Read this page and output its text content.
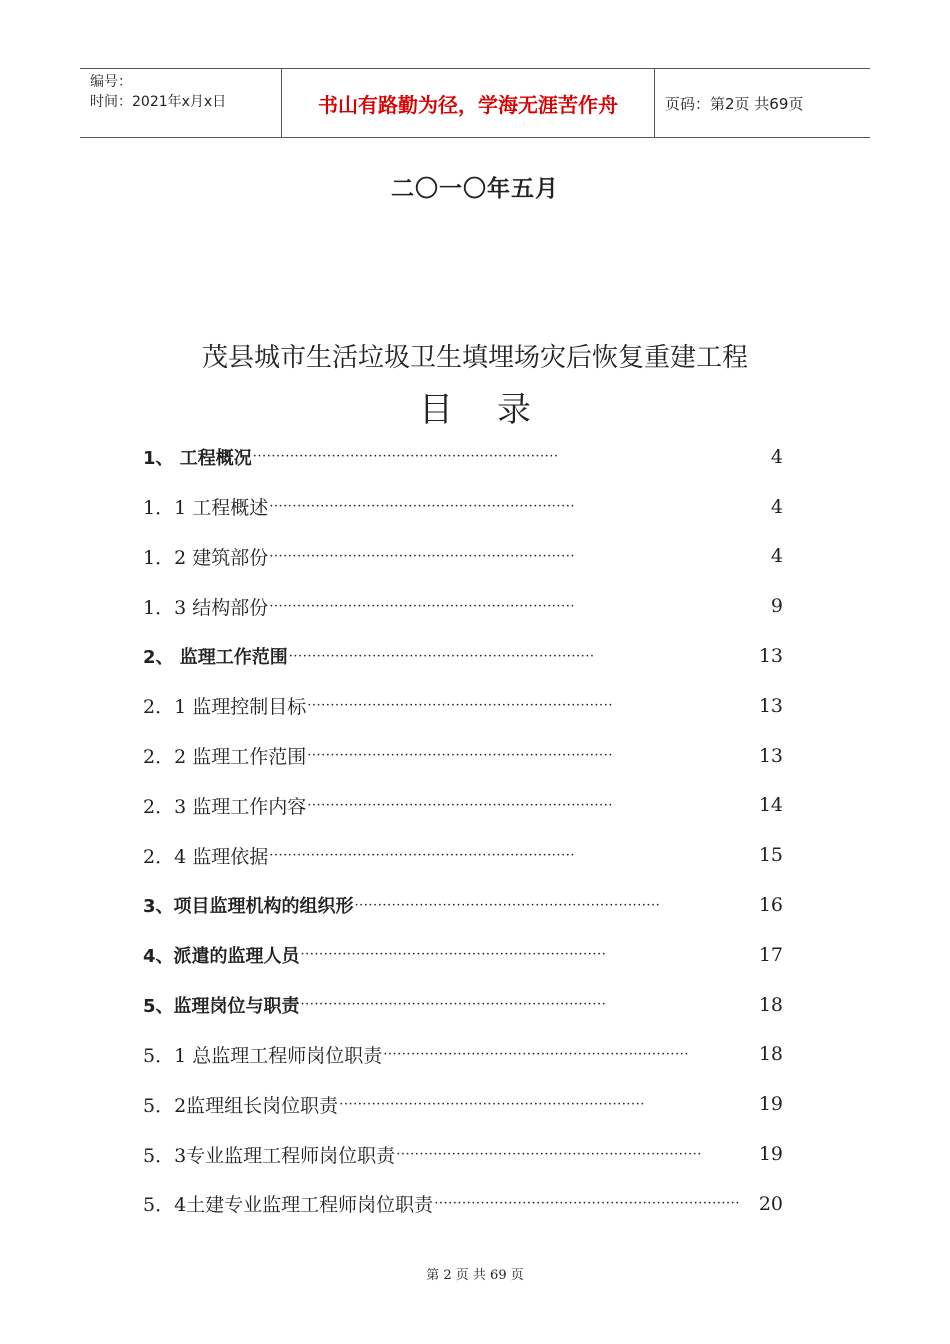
编号：
时间：2021年x月x日	书山有路勤为径，学海无涯苦作舟	页码：第2页 共69页
二〇一〇年五月
茂县城市生活垃圾卫生填埋场灾后恢复重建工程
目录
1、 工程概况 ··································································	4
1．1 工程概述 ··································································	4
1．2 建筑部份 ··································································	4
1．3 结构部份 ··································································	9
2、 监理工作范围 ··································································	13
2．1 监理控制目标 ··································································	13
2．2 监理工作范围 ··································································	13
2．3 监理工作内容 ··································································	14
2．4 监理依据 ··································································	15
3、项目监理机构的组织形 ··································································	16
4、派遣的监理人员 ··································································	17
5、监理岗位与职责 ··································································	18
5．1 总监理工程师岗位职责 ··································································	18
5．2监理组长岗位职责 ··································································	19
5．3专业监理工程师岗位职责 ··································································	19
5．4土建专业监理工程师岗位职责 ·································································· 20
第 2 页 共 69 页
